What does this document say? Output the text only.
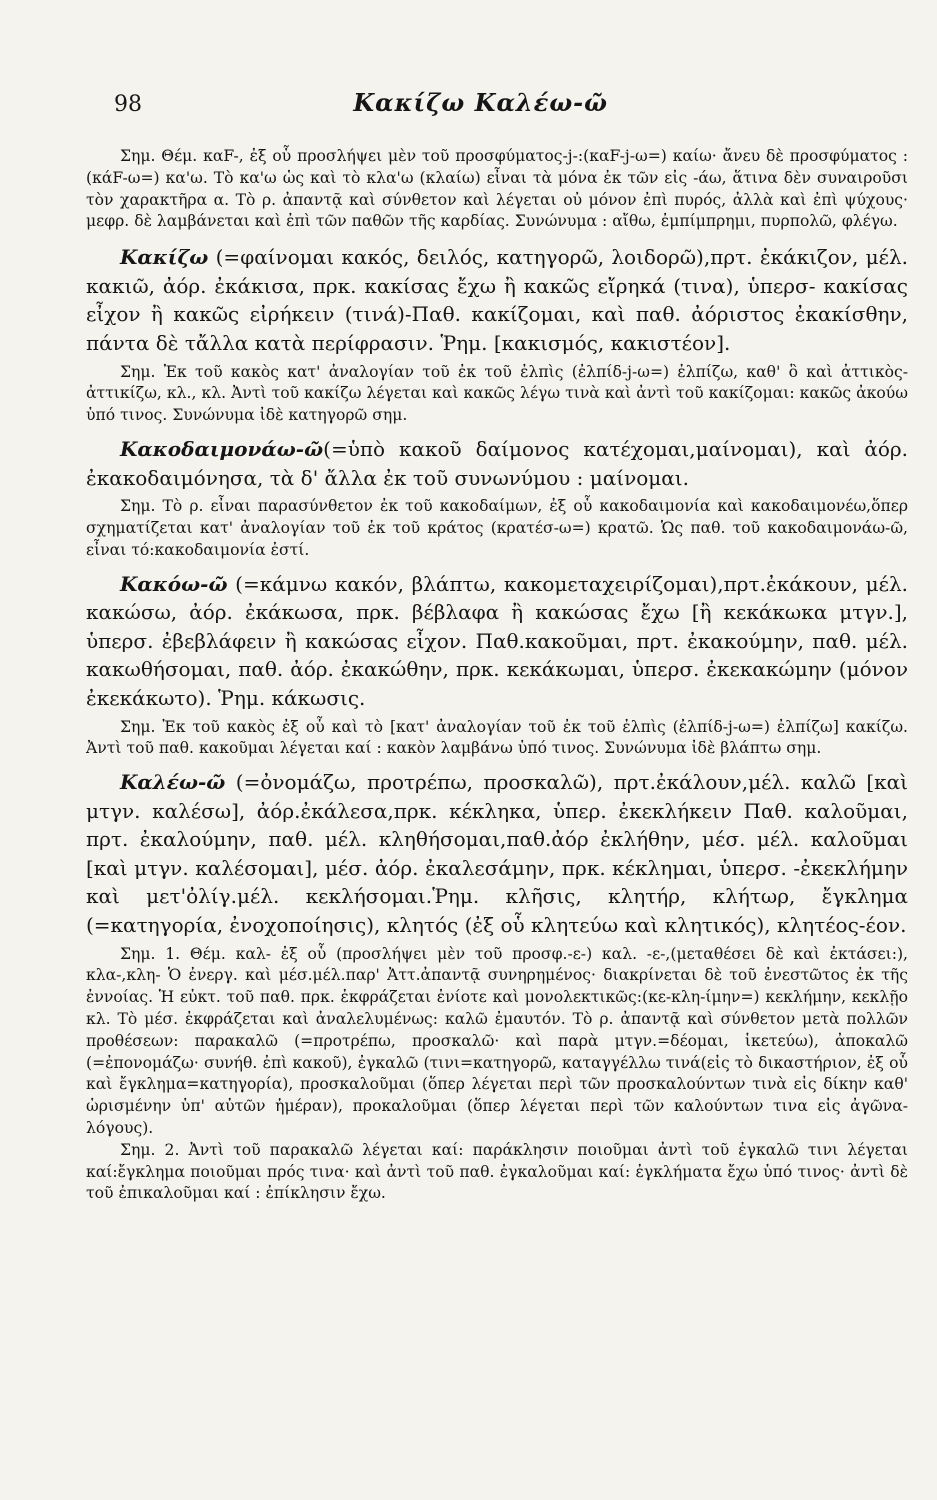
98	Κακίζω Καλέω-ῶ

Σημ. Θέμ. καF-, ἐξ οὗ προσλήψει μὲν τοῦ προσφύματος-j-:(καF-j-ω=) καίω· ἄνευ δὲ προσφύματος : (κάF-ω=) κα'ω. Τὸ κα'ω ὡς καὶ τὸ κλα'ω (κλαίω) εἶναι τὰ μόνα ἐκ τῶν εἰς -άω, ἅτινα δὲν συναιροῦσι τὸν χαρακτῆρα α. Τὸ ρ. ἀπαντᾷ καὶ σύνθετον καὶ λέγεται οὐ μόνον ἐπὶ πυρός, ἀλλὰ καὶ ἐπὶ ψύχους· μεφρ. δὲ λαμβάνεται καὶ ἐπὶ τῶν παθῶν τῆς καρδίας. Συνώνυμα : αἴθω, ἐμπίμπρημι, πυρπολῶ, φλέγω.

Κακίζω (=φαίνομαι κακός, δειλός, κατηγορῶ, λοιδορῶ),πρτ. ἐκάκιζον, μέλ. κακιῶ, ἀόρ. ἐκάκισα, πρκ. κακίσας ἔχω ἢ κακῶς εἴρηκά (τινα), ὑπερσ- κακίσας εἶχον ἢ κακῶς εἰρήκειν (τινά)-Παθ. κακίζομαι, καὶ παθ. ἀόριστος ἐκακίσθην, πάντα δὲ τἄλλα κατὰ περίφρασιν. Ῥημ. [κακισμός, κακιστέον].

Σημ. Ἐκ τοῦ κακὸς κατ' ἀναλογίαν τοῦ ἐκ τοῦ ἐλπὶς (ἐλπίδ-j-ω=) ἐλπίζω, καθ' ὃ καὶ ἀττικὸς-ἀττικίζω, κλ., κλ. Ἀντὶ τοῦ κακίζω λέγεται καὶ κακῶς λέγω τινὰ καὶ ἀντὶ τοῦ κακίζομαι: κακῶς ἀκούω ὑπό τινος. Συνώνυμα ἰδὲ κατηγορῶ σημ.

Κακοδαιμονάω-ῶ(=ὑπὸ κακοῦ δαίμονος κατέχομαι,μαίνομαι), καὶ ἀόρ. ἐκακοδαιμόνησα, τὰ δ' ἄλλα ἐκ τοῦ συνωνύμου : μαίνομαι.

Σημ. Τὸ ρ. εἶναι παρασύνθετον ἐκ τοῦ κακοδαίμων, ἐξ οὗ κακοδαιμονία καὶ κακοδαιμονέω,ὅπερ σχηματίζεται κατ' ἀναλογίαν τοῦ ἐκ τοῦ κράτος (κρατέσ-ω=) κρατῶ. Ὡς παθ. τοῦ κακοδαιμονάω-ῶ, εἶναι τό:κακοδαιμονία ἐστί.

Κακόω-ῶ (=κάμνω κακόν, βλάπτω, κακομεταχειρίζομαι),πρτ.ἐκάκουν, μέλ. κακώσω, ἀόρ. ἐκάκωσα, πρκ. βέβλαφα ἢ κακώσας ἔχω [ἢ κεκάκωκα μτγν.], ὑπερσ. ἐβεβλάφειν ἢ κακώσας εἶχον. Παθ.κακοῦμαι, πρτ. ἐκακούμην, παθ. μέλ. κακωθήσομαι, παθ. ἀόρ. ἐκακώθην, πρκ. κεκάκωμαι, ὑπερσ. ἐκεκακώμην (μόνον ἐκεκάκωτο). Ῥημ. κάκωσις.

Σημ. Ἐκ τοῦ κακὸς ἐξ οὗ καὶ τὸ [κατ' ἀναλογίαν τοῦ ἐκ τοῦ ἐλπὶς (ἐλπίδ-j-ω=) ἐλπίζω] κακίζω. Ἀντὶ τοῦ παθ. κακοῦμαι λέγεται καί : κακὸν λαμβάνω ὑπό τινος. Συνώνυμα ἰδὲ βλάπτω σημ.

Καλέω-ῶ (=ὀνομάζω, προτρέπω, προσκαλῶ), πρτ.ἐκάλουν,μέλ. καλῶ [καὶ μτγν. καλέσω], ἀόρ.ἐκάλεσα,πρκ. κέκληκα, ὑπερ. ἐκεκλήκειν Παθ. καλοῦμαι, πρτ. ἐκαλούμην, παθ. μέλ. κληθήσομαι,παθ.ἀόρ ἐκλήθην, μέσ. μέλ. καλοῦμαι [καὶ μτγν. καλέσομαι], μέσ. ἀόρ. ἐκαλεσάμην, πρκ. κέκλημαι, ὑπερσ. -ἐκεκλήμην καὶ μετ'ὀλίγ.μέλ. κεκλήσομαι.Ῥημ. κλῆσις, κλητήρ, κλήτωρ, ἔγκλημα (=κατηγορία, ἐνοχοποίησις), κλητός (ἐξ οὗ κλητεύω καὶ κλητικός), κλητέος-έον.

Σημ. 1. Θέμ. καλ- ἐξ οὗ (προσλήψει μὲν τοῦ προσφ.-ε-) καλ. -ε-,(μεταθέσει δὲ καὶ ἐκτάσει:), κλα-,κλη- Ὁ ἐνεργ. καὶ μέσ.μέλ.παρ' Ἀττ.ἀπαντᾷ συνηρημένος· διακρίνεται δὲ τοῦ ἐνεστῶτος ἐκ τῆς ἐννοίας. Ἡ εὐκτ. τοῦ παθ. πρκ. ἐκφράζεται ἐνίοτε καὶ μονολεκτικῶς:(κε-κλη-ίμην=) κεκλήμην, κεκλῇο κλ. Τὸ μέσ. ἐκφράζεται καὶ ἀναλελυμένως: καλῶ ἐμαυτόν. Τὸ ρ. ἀπαντᾷ καὶ σύνθετον μετὰ πολλῶν προθέσεων: παρακαλῶ (=προτρέπω, προσκαλῶ· καὶ παρὰ μτγν.=δέομαι, ἱκετεύω), ἀποκαλῶ (=ἐπονομάζω· συνήθ. ἐπὶ κακοῦ), ἐγκαλῶ (τινι=κατηγορῶ, καταγγέλλω τινά(εἰς τὸ δικαστήριον, ἐξ οὗ καὶ ἔγκλημα=κατηγορία), προσκαλοῦμαι (ὅπερ λέγεται περὶ τῶν προσκαλούντων τινὰ εἰς δίκην καθ' ὡρισμένην ὑπ' αὐτῶν ἡμέραν), προκαλοῦμαι (ὅπερ λέγεται περὶ τῶν καλούντων τινα εἰς ἀγῶνα- λόγους).

Σημ. 2. Ἀντὶ τοῦ παρακαλῶ λέγεται καί: παράκλησιν ποιοῦμαι ἀντὶ τοῦ ἐγκαλῶ τινι λέγεται καί:ἔγκλημα ποιοῦμαι πρός τινα· καὶ ἀντὶ τοῦ παθ. ἐγκαλοῦμαι καί: ἐγκλήματα ἔχω ὑπό τινος· ἀντὶ δὲ τοῦ ἐπικαλοῦμαι καί : ἐπίκλησιν ἔχω.
